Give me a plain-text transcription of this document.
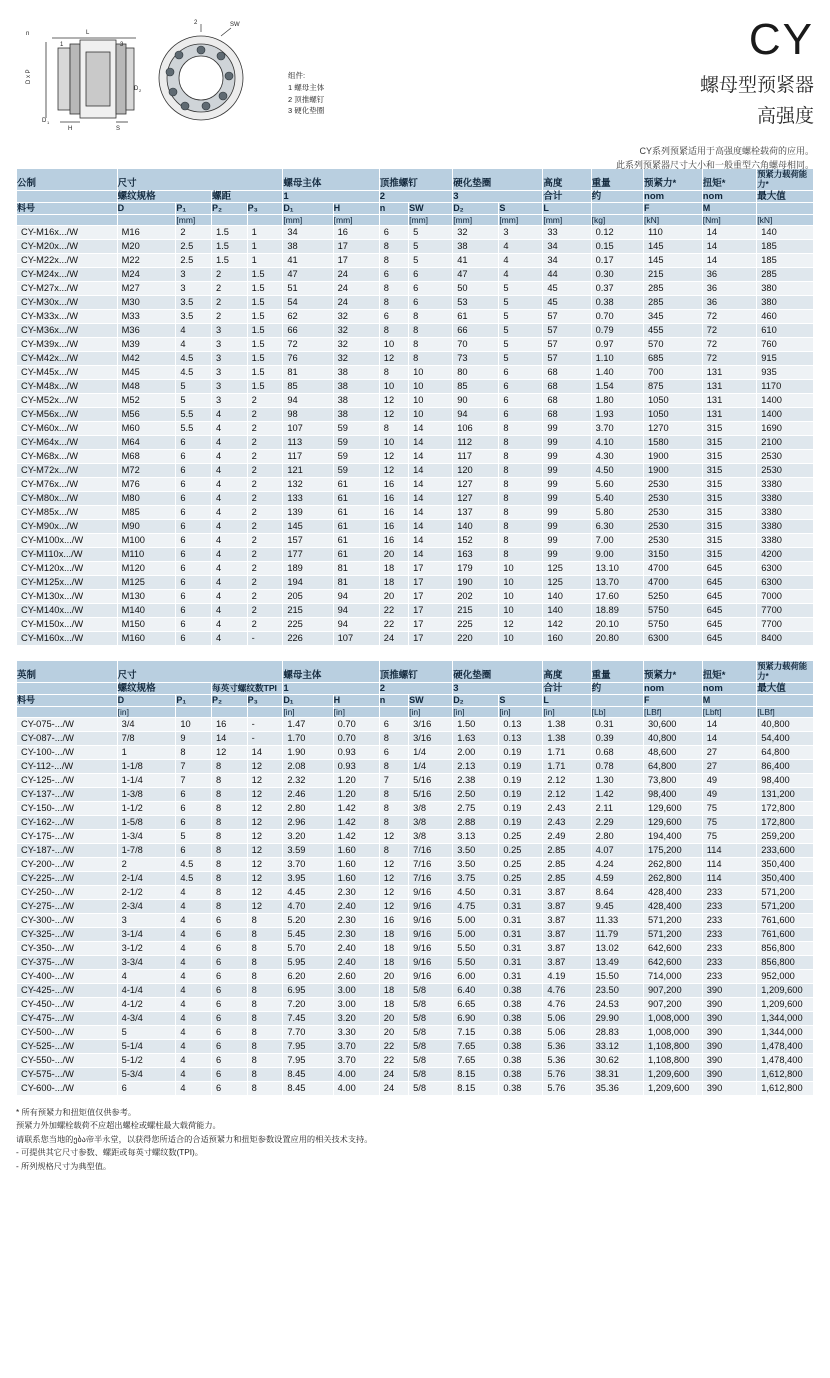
n	L
1	3
D x P
D 1
D 2
H	S
2	SW
组件:
1 螺母主体
2 顶推螺钉
3 硬化垫圈
CY
螺母型预紧器
高强度
CY系列预紧适用于高强度螺栓载荷的应用。
此系列预紧器尺寸大小和一般重型六角螺母相同。
公制	尺寸				螺母主体		顶推螺钉		硬化垫圈		高度	重量	预紧力*	扭矩*	预紧力载荷能力*
	螺纹规格		螺距		1		2		3		合计	约	nom	nom	最大值
料号	D	P₁	P₂	P₃	D₁	H	n	SW	D₂	S	L		F	M	
		[mm]			[mm]	[mm]		[mm]	[mm]	[mm]	[mm]	[kg]	[kN]	[Nm]	[kN]
CY-M16x.../W	M16	2	1.5	1	34	16	6	5	32	3	33	0.12	110	14	140
CY-M20x.../W	M20	2.5	1.5	1	38	17	8	5	38	4	34	0.15	145	14	185
CY-M22x.../W	M22	2.5	1.5	1	41	17	8	5	41	4	34	0.17	145	14	185
CY-M24x.../W	M24	3	2	1.5	47	24	6	6	47	4	44	0.30	215	36	285
CY-M27x.../W	M27	3	2	1.5	51	24	8	6	50	5	45	0.37	285	36	380
CY-M30x.../W	M30	3.5	2	1.5	54	24	8	6	53	5	45	0.38	285	36	380
CY-M33x.../W	M33	3.5	2	1.5	62	32	6	8	61	5	57	0.70	345	72	460
CY-M36x.../W	M36	4	3	1.5	66	32	8	8	66	5	57	0.79	455	72	610
CY-M39x.../W	M39	4	3	1.5	72	32	10	8	70	5	57	0.97	570	72	760
CY-M42x.../W	M42	4.5	3	1.5	76	32	12	8	73	5	57	1.10	685	72	915
CY-M45x.../W	M45	4.5	3	1.5	81	38	8	10	80	6	68	1.40	700	131	935
CY-M48x.../W	M48	5	3	1.5	85	38	10	10	85	6	68	1.54	875	131	1170
CY-M52x.../W	M52	5	3	2	94	38	12	10	90	6	68	1.80	1050	131	1400
CY-M56x.../W	M56	5.5	4	2	98	38	12	10	94	6	68	1.93	1050	131	1400
CY-M60x.../W	M60	5.5	4	2	107	59	8	14	106	8	99	3.70	1270	315	1690
CY-M64x.../W	M64	6	4	2	113	59	10	14	112	8	99	4.10	1580	315	2100
CY-M68x.../W	M68	6	4	2	117	59	12	14	117	8	99	4.30	1900	315	2530
CY-M72x.../W	M72	6	4	2	121	59	12	14	120	8	99	4.50	1900	315	2530
CY-M76x.../W	M76	6	4	2	132	61	16	14	127	8	99	5.60	2530	315	3380
CY-M80x.../W	M80	6	4	2	133	61	16	14	127	8	99	5.40	2530	315	3380
CY-M85x.../W	M85	6	4	2	139	61	16	14	137	8	99	5.80	2530	315	3380
CY-M90x.../W	M90	6	4	2	145	61	16	14	140	8	99	6.30	2530	315	3380
CY-M100x.../W	M100	6	4	2	157	61	16	14	152	8	99	7.00	2530	315	3380
CY-M110x.../W	M110	6	4	2	177	61	20	14	163	8	99	9.00	3150	315	4200
CY-M120x.../W	M120	6	4	2	189	81	18	17	179	10	125	13.10	4700	645	6300
CY-M125x.../W	M125	6	4	2	194	81	18	17	190	10	125	13.70	4700	645	6300
CY-M130x.../W	M130	6	4	2	205	94	20	17	202	10	140	17.60	5250	645	7000
CY-M140x.../W	M140	6	4	2	215	94	22	17	215	10	140	18.89	5750	645	7700
CY-M150x.../W	M150	6	4	2	225	94	22	17	225	12	142	20.10	5750	645	7700
CY-M160x.../W	M160	6	4	-	226	107	24	17	220	10	160	20.80	6300	645	8400
英制	尺寸				螺母主体		顶推螺钉		硬化垫圈		高度	重量	预紧力*	扭矩*	预紧力载荷能力*
	螺纹规格		每英寸螺纹数TPI		1		2		3		合计	约	nom	nom	最大值
料号	D	P₁	P₂	P₃	D₁	H	n	SW	D₂	S	L		F	M	
	[in]				[in]	[in]		[in]	[in]	[in]	[in]	[Lb]	[LBf]	[Lbft]	[LBf]
CY-075-.../W	3/4	10	16	-	1.47	0.70	6	3/16	1.50	0.13	1.38	0.31	30,600	14	40,800
CY-087-.../W	7/8	9	14	-	1.70	0.70	8	3/16	1.63	0.13	1.38	0.39	40,800	14	54,400
CY-100-.../W	1	8	12	14	1.90	0.93	6	1/4	2.00	0.19	1.71	0.68	48,600	27	64,800
CY-112-.../W	1-1/8	7	8	12	2.08	0.93	8	1/4	2.13	0.19	1.71	0.78	64,800	27	86,400
CY-125-.../W	1-1/4	7	8	12	2.32	1.20	7	5/16	2.38	0.19	2.12	1.30	73,800	49	98,400
CY-137-.../W	1-3/8	6	8	12	2.46	1.20	8	5/16	2.50	0.19	2.12	1.42	98,400	49	131,200
CY-150-.../W	1-1/2	6	8	12	2.80	1.42	8	3/8	2.75	0.19	2.43	2.11	129,600	75	172,800
CY-162-.../W	1-5/8	6	8	12	2.96	1.42	8	3/8	2.88	0.19	2.43	2.29	129,600	75	172,800
CY-175-.../W	1-3/4	5	8	12	3.20	1.42	12	3/8	3.13	0.25	2.49	2.80	194,400	75	259,200
CY-187-.../W	1-7/8	6	8	12	3.59	1.60	8	7/16	3.50	0.25	2.85	4.07	175,200	114	233,600
CY-200-.../W	2	4.5	8	12	3.70	1.60	12	7/16	3.50	0.25	2.85	4.24	262,800	114	350,400
CY-225-.../W	2-1/4	4.5	8	12	3.95	1.60	12	7/16	3.75	0.25	2.85	4.59	262,800	114	350,400
CY-250-.../W	2-1/2	4	8	12	4.45	2.30	12	9/16	4.50	0.31	3.87	8.64	428,400	233	571,200
CY-275-.../W	2-3/4	4	8	12	4.70	2.40	12	9/16	4.75	0.31	3.87	9.45	428,400	233	571,200
CY-300-.../W	3	4	6	8	5.20	2.30	16	9/16	5.00	0.31	3.87	11.33	571,200	233	761,600
CY-325-.../W	3-1/4	4	6	8	5.45	2.30	18	9/16	5.00	0.31	3.87	11.79	571,200	233	761,600
CY-350-.../W	3-1/2	4	6	8	5.70	2.40	18	9/16	5.50	0.31	3.87	13.02	642,600	233	856,800
CY-375-.../W	3-3/4	4	6	8	5.95	2.40	18	9/16	5.50	0.31	3.87	13.49	642,600	233	856,800
CY-400-.../W	4	4	6	8	6.20	2.60	20	9/16	6.00	0.31	4.19	15.50	714,000	233	952,000
CY-425-.../W	4-1/4	4	6	8	6.95	3.00	18	5/8	6.40	0.38	4.76	23.50	907,200	390	1,209,600
CY-450-.../W	4-1/2	4	6	8	7.20	3.00	18	5/8	6.65	0.38	4.76	24.53	907,200	390	1,209,600
CY-475-.../W	4-3/4	4	6	8	7.45	3.20	20	5/8	6.90	0.38	5.06	29.90	1,008,000	390	1,344,000
CY-500-.../W	5	4	6	8	7.70	3.30	20	5/8	7.15	0.38	5.06	28.83	1,008,000	390	1,344,000
CY-525-.../W	5-1/4	4	6	8	7.95	3.70	22	5/8	7.65	0.38	5.36	33.12	1,108,800	390	1,478,400
CY-550-.../W	5-1/2	4	6	8	7.95	3.70	22	5/8	7.65	0.38	5.36	30.62	1,108,800	390	1,478,400
CY-575-.../W	5-3/4	4	6	8	8.45	4.00	24	5/8	8.15	0.38	5.76	38.31	1,209,600	390	1,612,800
CY-600-.../W	6	4	6	8	8.45	4.00	24	5/8	8.15	0.38	5.76	35.36	1,209,600	390	1,612,800
* 所有预紧力和扭矩值仅供参考。
预紧力外加螺栓载荷不应超出螺栓或螺柱最大载荷能力。
请联系您当地的ება帝半永堂，以获得您所适合的合适预紧力和扭矩参数设置应用的相关技术支持。
- 可提供其它尺寸参数、螺距或每英寸螺纹数(TPI)。
- 所列规格尺寸为典型值。
